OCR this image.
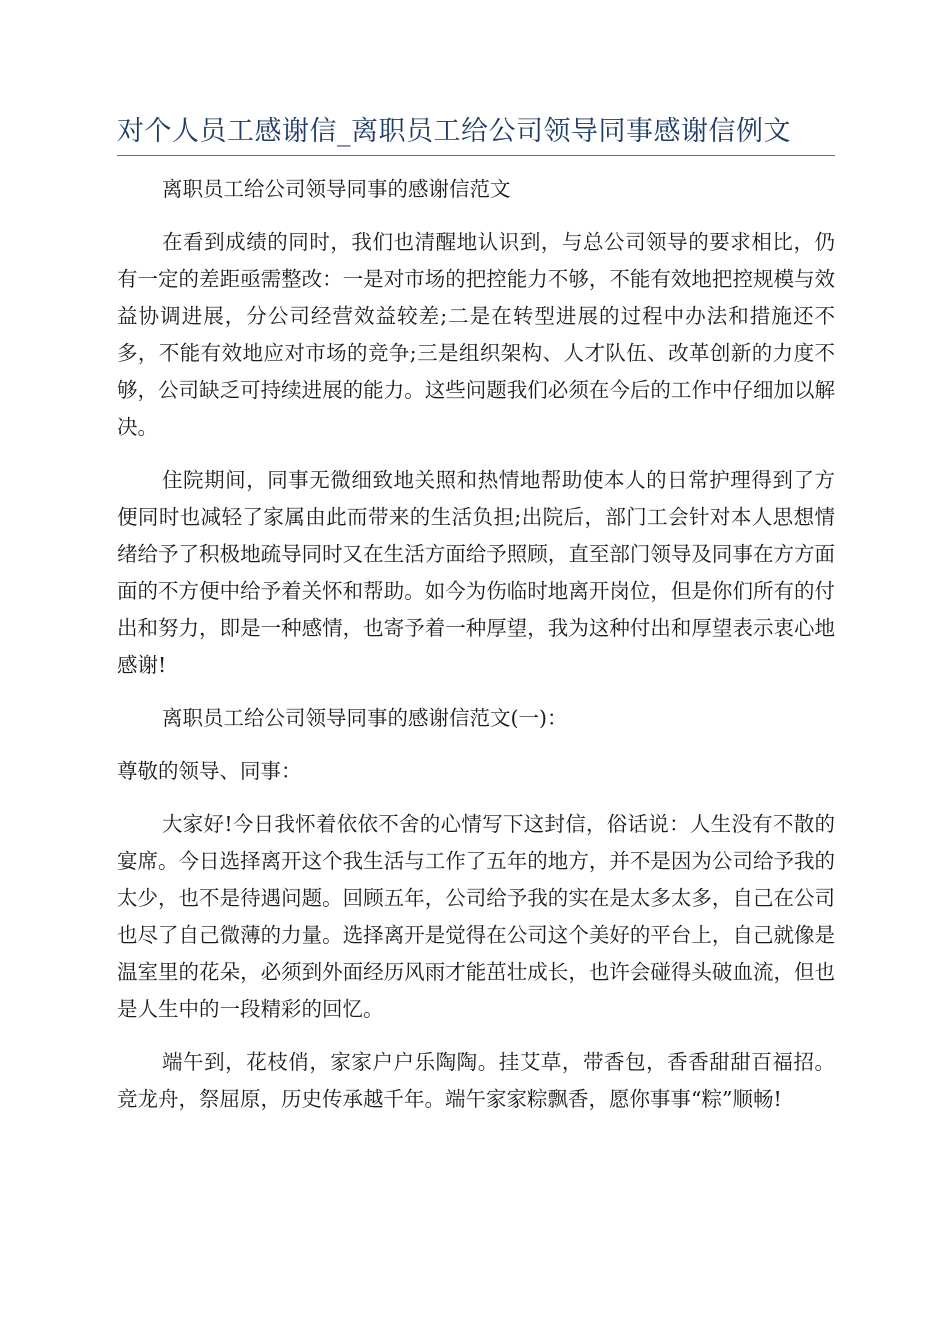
对个人员工感谢信_离职员工给公司领导同事感谢信例文

离职员工给公司领导同事的感谢信范文

在看到成绩的同时，我们也清醒地认识到，与总公司领导的要求相比，仍有一定的差距亟需整改：一是对市场的把控能力不够，不能有效地把控规模与效益协调进展，分公司经营效益较差;二是在转型进展的过程中办法和措施还不多，不能有效地应对市场的竞争;三是组织架构、人才队伍、改革创新的力度不够，公司缺乏可持续进展的能力。这些问题我们必须在今后的工作中仔细加以解决。

住院期间，同事无微细致地关照和热情地帮助使本人的日常护理得到了方便同时也减轻了家属由此而带来的生活负担;出院后，部门工会针对本人思想情绪给予了积极地疏导同时又在生活方面给予照顾，直至部门领导及同事在方方面面的不方便中给予着关怀和帮助。如今为伤临时地离开岗位，但是你们所有的付出和努力，即是一种感情，也寄予着一种厚望，我为这种付出和厚望表示衷心地感谢!

离职员工给公司领导同事的感谢信范文(一)：

尊敬的领导、同事：

大家好!今日我怀着依依不舍的心情写下这封信，俗话说：人生没有不散的宴席。今日选择离开这个我生活与工作了五年的地方，并不是因为公司给予我的太少，也不是待遇问题。回顾五年，公司给予我的实在是太多太多，自己在公司也尽了自己微薄的力量。选择离开是觉得在公司这个美好的平台上，自己就像是温室里的花朵，必须到外面经历风雨才能茁壮成长，也许会碰得头破血流，但也是人生中的一段精彩的回忆。

端午到，花枝俏，家家户户乐陶陶。挂艾草，带香包，香香甜甜百福招。竞龙舟，祭屈原，历史传承越千年。端午家家粽飘香，愿你事事“粽”顺畅!
